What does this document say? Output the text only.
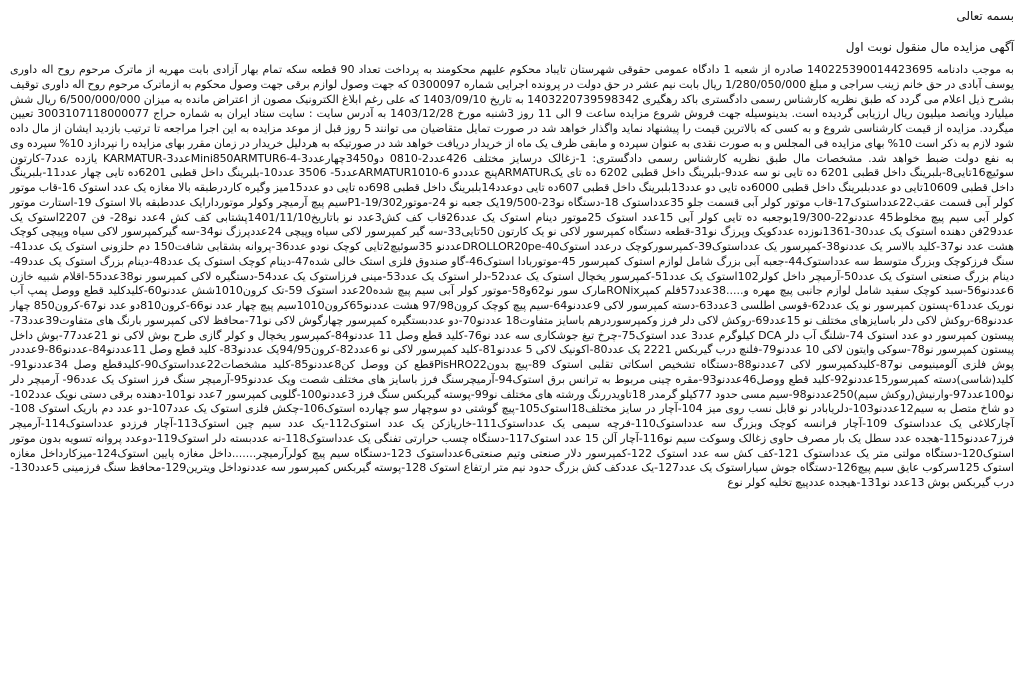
بسمه تعالی
آگهی مزایده مال منقول نوبت اول

به موجب دادنامه 140225390014423695 صادره از شعبه 1 دادگاه عمومی حقوقی شهرستان تایباد محکوم علیهم محکومند به پرداخت تعداد 90 قطعه سکه تمام بهار آزادی بابت مهریه از ماترک مرحوم روح اله داوری یوسف آبادی در حق خانم زینب سراجی و مبلغ 1/280/050/000 ریال بابت نیم عشر در حق دولت در پرونده اجرایی شماره 0300097 که جهت وصول لوازم برقی جهت وصول محکوم به ازماترک مرحوم روح اله داوری توقیف بشرح ذیل اعلام می گردد که طبق نظریه کارشناس رسمی دادگستری باکد رهگیری 1403220739598342 به تاریخ 1403/09/10 که علی رغم ابلاغ الکترونیک مصون از اعتراض مانده به میزان 6/500/000/000 ریال شش میلیارد وپانصد میلیون ریال ارزیابی گردیده است. بدینوسیله جهت فروش شروع مزایده ساعت 9 الی 11 روز 3شنبه مورخ 1403/12/28 به آدرس سایت : سایت ستاد ایران به شماره حراج 3003107118000077 تعیین میگردد. مزایده از قیمت کارشناسی شروع و به کسی که بالاترین قیمت را پیشنهاد نماید واگذار خواهد شد در صورت تمایل متقاضیان می توانند 5 روز قبل از موعد مزایده به این اجرا مراجعه تا ترتیب بازدید ایشان از مال داده شود لازم به ذکر است 10% بهای مزایده فی المجلس و به صورت نقدی به عنوان سپرده و مابقی ظرف یک ماه از خریدار دریافت خواهد شد در صورتیکه به هردلیل خریدار در زمان مقرر بهای مزایده را نپردازد 10% سپرده وی به نفع دولت ضبط خواهد شد. مشخصات مال طبق نظریه کارشناس رسمی دادگستری: 1-زغالک درسایز مختلف 426عدد2-0810 دو3450چهارعدد3-Mini850ARMTUR6-4عدد3-KARMATUR یازده عدد7-کارتون سوئیچ16تایی8-بلبرینگ داخل قطبی 6201 ده تایی نو سه عدد9-بلبرینگ داخل قطبی 6202 ده تای یکARMATURپنج عدددو ARMATUR1010-6عدد5- 3506 عدد10-بلبرینگ داخل قطبی 6201ده تایی چهار عدد11-بلبرینگ داخل قطبی 10609تایی دو عددبلبرینگ داخل قطبی 6000ده تایی دو عدد13بلبرینگ داخل قطبی 607ده تایی دوعدد14بلبرینگ داخل قطبی 698ده تایی دو عدد15میز وگیره کاردرطبقه بالا مغازه یک عدد استوک 16-قاب موتور کولر آبی قسمت عقب22عدداستوک17-قاب موتور کولر آبی قسمت جلو 35عدداستوک 18-دستگاه نو23-19/500یک جعبه نو 24-موتورP1-19/302سیم پیچ آرمیچر وکولر موتوردارایک عددطبقه بالا استوک 19-استارت موتور کولر آبی سیم پیچ مخلوط45 عددنو22-19/300بوجعبه ده تایی کولر آبی 15عدد استوک 25موتور دینام استوک یک عدد26قاب کف کش3عدد نو باتاریخ1401/11/10پشتابی کف کش 4عدد نو28- فن 2207استوک یک عدد29فن دهنده استوک یک عدد30-1361نوزده عددکویک وپرزگ نو31-قطعه دستگاه کمپرسور لاکی نو یک کارتون 50تایی33-سه گیر کمپرسور لاکی سیاه وپیچی 24عددپرزگ نو34-سه گیرکمپرسور لاکی سیاه وپیچی کوچک هشت عدد نو37-کلید بالاسر یک عددنو38-کمپرسور یک عدداستوک39-کمپرسورکوچک درعدد استوک40-DROLLOR20peعددنو 35سوئیچ2تایی کوچک نودو عدد36-پروانه بشقابی شافت150 دم حلزونی استوک یک عدد41-سنگ فرزکوچک وبزرگ متوسط سه عدداستوک44-جعبه آبی بزرگ شامل لوازم استوک کمپرسور 45-موتوربادا استوک46-گاو صندوق فلزی استک خالی شده47-دینام کوچک استوک یک عدد48-دینام بزرگ استوک یک عدد49-دینام بزرگ صنعتی استوک یک عدد50-آرمیچر داخل کولر102استوک یک عدد51-کمپرسور یخچال استوک یک عدد52-دلر استوک یک عدد53-مینی فرزاستوک یک عدد54-دستگیره لاکی کمپرسور نو38عدد55-اقلام شبیه خازن 6عددنو56-سبد کوچک سفید شامل لوازم جانبی پیچ مهره و.....38عدد57فلم کمپرRONixمارک سور نو62و58-موتور کولر آبی سیم پیچ شده20عدد استوک 59-تک کرون1010شش عددنو60-کلیدکلید قطع ووصل پمپ آب نوریک عدد61-پستون کمپرسور نو یک عدد62-قوسی اطلسی 3عدد63-دسته کمپرسور لاکی 9عددنو64-سیم پیچ کوچک کرون97/98 هشت عددنو65کرون1010سیم پیچ چهار عدد نو66-کرون810دو عدد نو67-کرون850 چهار عددنو68-روکش لاکی دلر باسایزهای مختلف نو 15عدد69-روکش لاکی دلر فرز وکمپرسوردرهم باسایز متفاوت18 عددنو70-دو عددبستگیره کمپرسور چهارگوش لاکی نو71-محافظ لاکی کمپرسور بارنگ های متفاوت39عدد73-پیستون کمپرسور دو عدد استوک 74-شلنگ آب دلر DCA کیلوگرم عدد3 عدد استوک75-چرخ تیغ جوشکاری سه عدد نو76-کلید قطع وصل 11 عددنو84-کمپرسور یخچال و کولر گازی طرح بوش لاکی نو 21عدد77-بوش داخل پیستون کمپرسور نو78-سوکی وایتون لاکی 10 عددنو79-فلنچ درب گیربکس 2221 یک عدد80-اکونیک لاکی 5 عددنو81-کلید کمپرسور لاکی نو 6عدد82-کرون94/95یک عددنو83- کلید قطع وصل 11عددنو84-عددنو86-9عدددر پوش فلزی آلومینیومی نو87-کلیدکمپرسور لاکی 7عددنو88-دستگاه تشخیص اسکاتی تقلبی استوک 89-پیچ بدونPisHRO22قطع کن ووصل کن8عددنو85-کلید مشخصات22عدداستوک90-کلیدقطع وصل 34عددنو91-کلید(شاسی)دسته کمپرسور15عددنو92-کلید قطع ووصل46عددنو93-مقره چینی مربوط به ترانس برق استوک94-آرمیچرسنگ فرز باسایز های مختلف شصت ویک عددنو95-آرمیچر سنگ فرز استوک یک عدد96- آرمیچر دلر نو100عدد97-وارنیش(روکش سیم)250عددنو98-سیم مسی حدود 77کیلو گرمدر 18تاویدررنگ ورشته های مختلف نو99-پوسته گیربکس سنگ فرز 3عددنو100-گلوپی کمپرسور 7عدد نو101-دهنده برقی دستی نویک عدد102-دو شاخ متصل به سیم12عددنو103-دلریابادر نو قابل نسب روی میز 104-آچار در سایز مختلف18استوک105-پیچ گوشتی دو سوچهار سو چهارده استوک106-چکش فلزی استوک یک عدد107-دو عدد دم باریک استوک 108-آچارکلاغی یک عدداستوک 109-آچار فرانسه کوچک وبزرگ سه عدداستوک110-فرچه سیمی یک عدداستوک111-خاریازکن یک عدد استوک112-یک عدد سیم چین استوک113-آچار فرزدو عدداستوک114-آرمیچر فرز7عددنو115-هجده عدد سطل یک بار مصرف حاوی زغالک وسوکت سیم نو116-آچار آلن 15 عدد استوک117-دستگاه چسب حرارتی تفنگی یک عدداستوک118-نه عددبسته دلر استوک119-دوعدد پروانه تسویه بدون موتور استوک120-دستگاه مولتی متر یک عدداستوک 121-کف کش سه عدد استوک 122-کمپرسور دلار صنعتی وتیم صنعتی6عدداستوک 123-دستگاه سیم پیچ کولرآرمیچر.......داخل مغازه پایین استوک124-میزکارداخل مغازه استوک 125سرکوب عایق سیم پیچ126-دستگاه جوش سیاراستوک یک عدد127-یک عددکف کش بزرگ حدود نیم متر ارتفاع استوک 128-پوسته گیربکس کمپرسور سه عددنوداخل ویترین129-محافظ سنگ فرزمینی 5عدد130-درب گیربکس بوش 13عدد نو131-هیجده عددپیچ تخلیه کولر نوع
